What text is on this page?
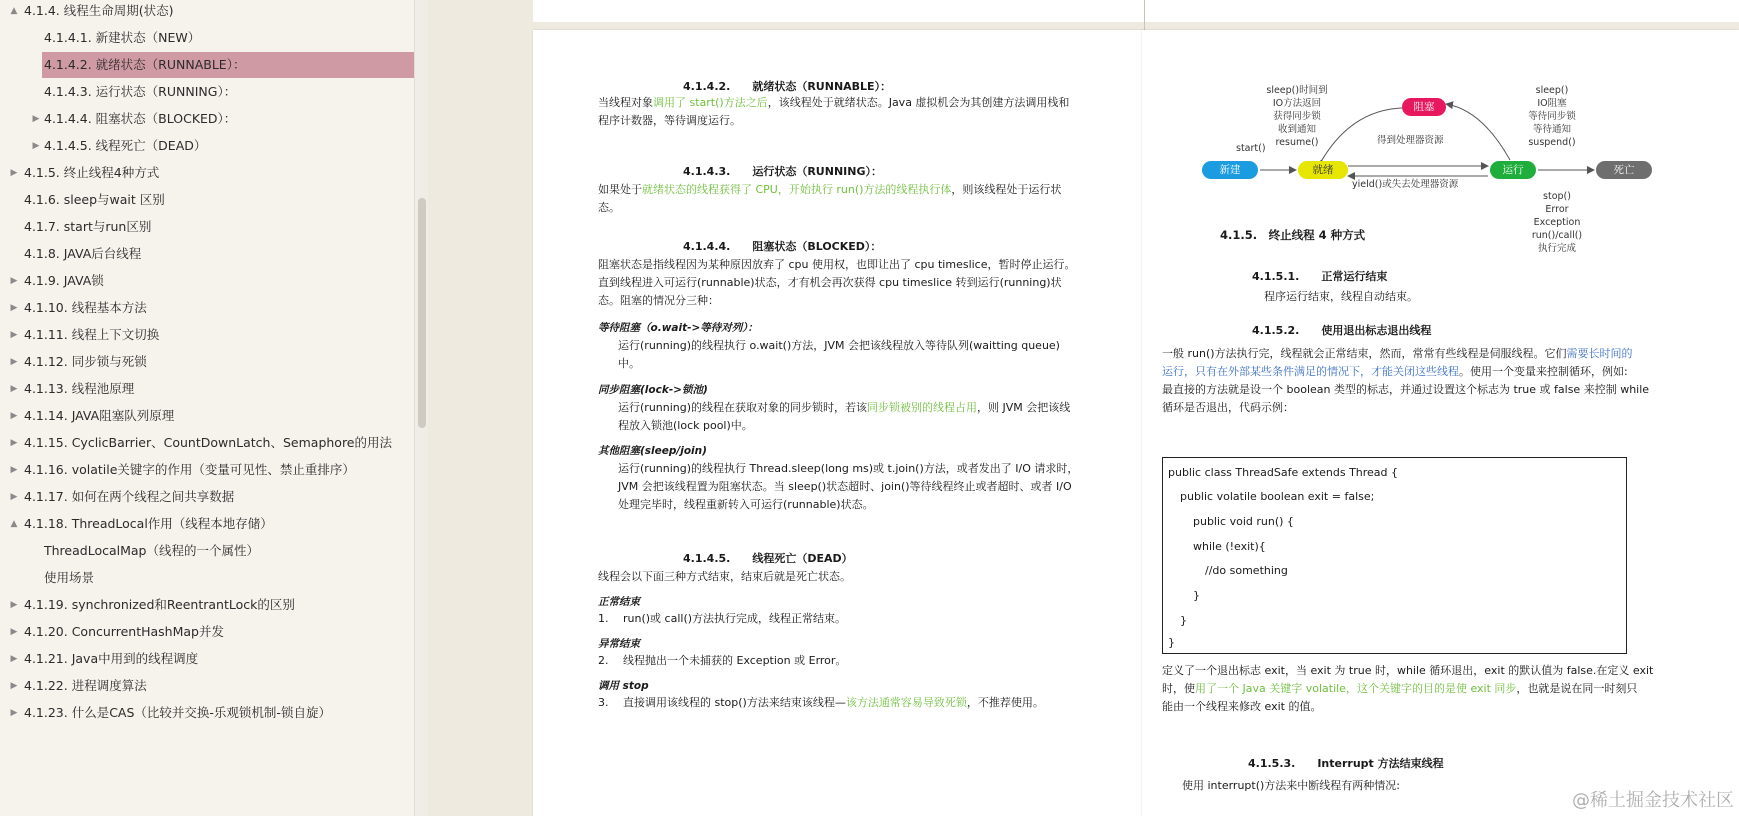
▲ 4.1.4. 线程生命周期(状态)
4.1.4.1. 新建状态（NEW）
4.1.4.2. 就绪状态（RUNNABLE）：
4.1.4.3. 运行状态（RUNNING）：
▶ 4.1.4.4. 阻塞状态（BLOCKED）：
▶ 4.1.4.5. 线程死亡（DEAD）
▶ 4.1.5. 终止线程4种方式
4.1.6. sleep与wait 区别
4.1.7. start与run区别
4.1.8. JAVA后台线程
▶ 4.1.9. JAVA锁
▶ 4.1.10. 线程基本方法
▶ 4.1.11. 线程上下文切换
▶ 4.1.12. 同步锁与死锁
▶ 4.1.13. 线程池原理
▶ 4.1.14. JAVA阻塞队列原理
▶ 4.1.15. CyclicBarrier、CountDownLatch、Semaphore的用法
▶ 4.1.16. volatile关键字的作用（变量可见性、禁止重排序）
▶ 4.1.17. 如何在两个线程之间共享数据
▲ 4.1.18. ThreadLocal作用（线程本地存储）
ThreadLocalMap（线程的一个属性）
使用场景
▶ 4.1.19. synchronized和ReentrantLock的区别
▶ 4.1.20. ConcurrentHashMap并发
▶ 4.1.21. Java中用到的线程调度
▶ 4.1.22. 进程调度算法
▶ 4.1.23. 什么是CAS（比较并交换-乐观锁机制-锁自旋）
4.1.4.2.　　就绪状态（RUNNABLE）：
当线程对象调用了 start()方法之后，该线程处于就绪状态。Java 虚拟机会为其创建方法调用栈和
程序计数器，等待调度运行。
4.1.4.3.　　运行状态（RUNNING）：
如果处于就绪状态的线程获得了 CPU，开始执行 run()方法的线程执行体，则该线程处于运行状
态。
4.1.4.4.　　阻塞状态（BLOCKED）：
阻塞状态是指线程因为某种原因放弃了 cpu 使用权，也即让出了 cpu timeslice，暂时停止运行。
直到线程进入可运行(runnable)状态，才有机会再次获得 cpu timeslice 转到运行(running)状
态。阻塞的情况分三种：
等待阻塞（o.wait->等待对列）：
运行(running)的线程执行 o.wait()方法，JVM 会把该线程放入等待队列(waitting queue)
中。
同步阻塞(lock->锁池)
运行(running)的线程在获取对象的同步锁时，若该同步锁被别的线程占用，则 JVM 会把该线
程放入锁池(lock pool)中。
其他阻塞(sleep/join)
运行(running)的线程执行 Thread.sleep(long ms)或 t.join()方法，或者发出了 I/O 请求时，
JVM 会把该线程置为阻塞状态。当 sleep()状态超时、join()等待线程终止或者超时、或者 I/O
处理完毕时，线程重新转入可运行(runnable)状态。
4.1.4.5.　　线程死亡（DEAD）
线程会以下面三种方式结束，结束后就是死亡状态。
正常结束
1.　 run()或 call()方法执行完成，线程正常结束。
异常结束
2.　 线程抛出一个未捕获的 Exception 或 Error。
调用 stop
3.　 直接调用该线程的 stop()方法来结束该线程—该方法通常容易导致死锁，不推荐使用。
sleep()时间到
IO方法返回
获得同步锁
收到通知
resume()
sleep()
IO阻塞
等待同步锁
等待通知
suspend()
start()
得到处理器资源
yield()或失去处理器资源
stop()
Error
Exception
run()/call()
执行完成
新建	就绪
阻塞
运行	死亡
4.1.5.　终止线程 4 种方式
4.1.5.1.　　正常运行结束
程序运行结束，线程自动结束。
4.1.5.2.　　使用退出标志退出线程
一般 run()方法执行完，线程就会正常结束，然而，常常有些线程是伺服线程。它们需要长时间的
运行，只有在外部某些条件满足的情况下，才能关闭这些线程。使用一个变量来控制循环，例如:
最直接的方法就是设一个 boolean 类型的标志，并通过设置这个标志为 true 或 false 来控制 while
循环是否退出，代码示例：
public class ThreadSafe extends Thread {
public volatile boolean exit = false;
public void run() {
while (!exit){
//do something
}
}
}
定义了一个退出标志 exit，当 exit 为 true 时，while 循环退出，exit 的默认值为 false.在定义 exit
时，使用了一个 Java 关键字 volatile，这个关键字的目的是使 exit 同步，也就是说在同一时刻只
能由一个线程来修改 exit 的值。
4.1.5.3.　　Interrupt 方法结束线程
使用 interrupt()方法来中断线程有两种情况:
@稀土掘金技术社区
